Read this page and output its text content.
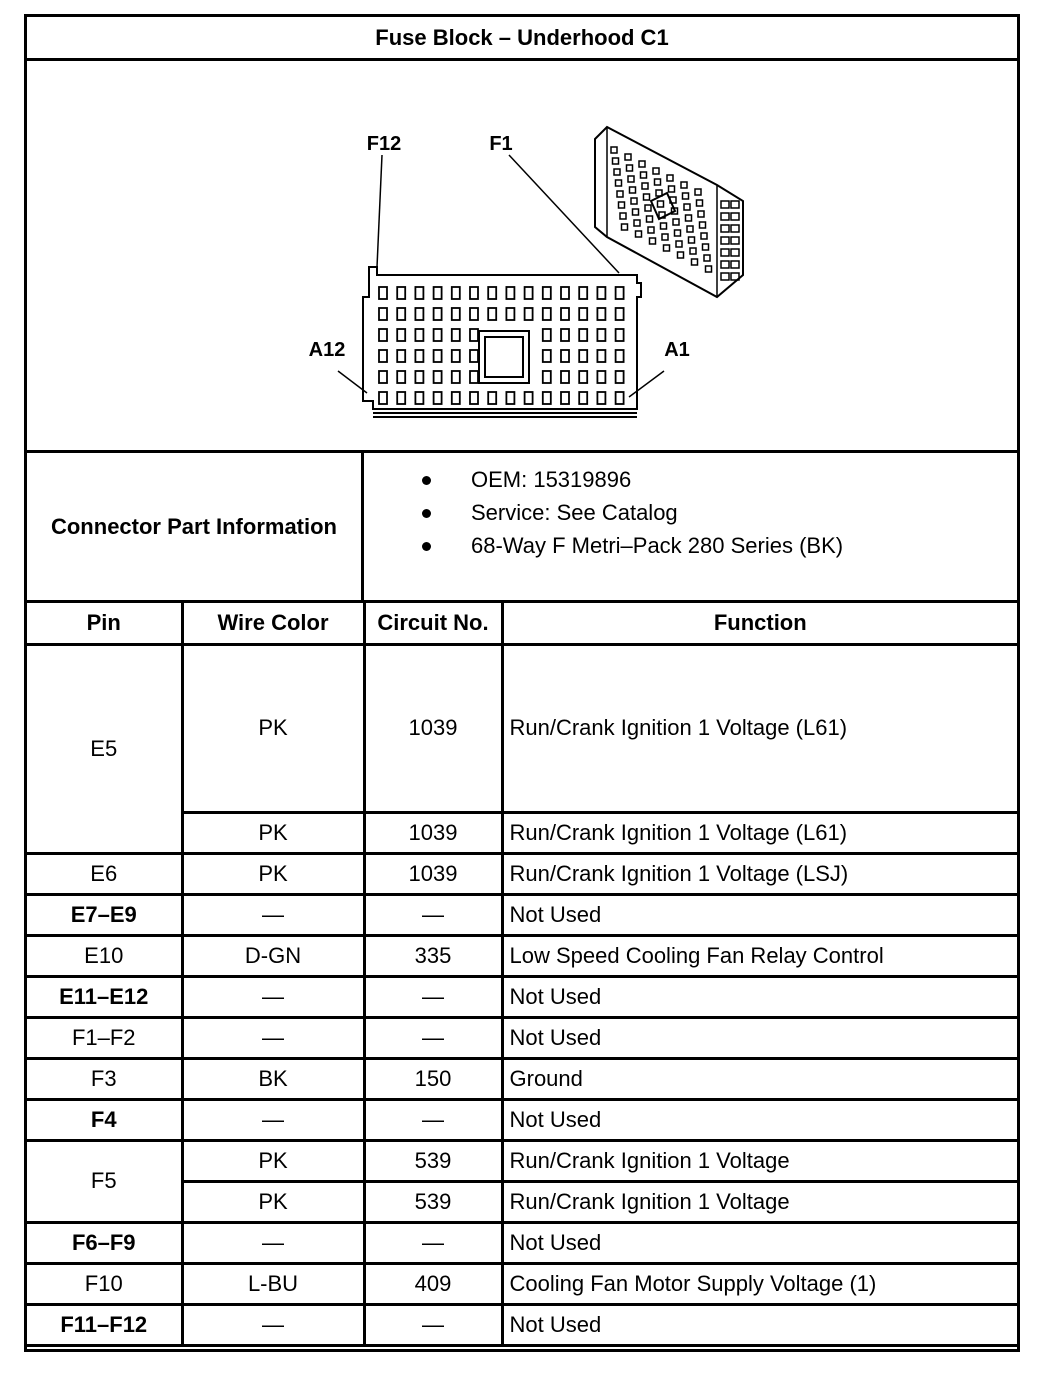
Fuse Block – Underhood C1
F12	F1
A12	A1
Connector Part Information
OEM: 15319896
Service: See Catalog
68-Way F Metri–Pack 280 Series (BK)
Pin	Wire Color	Circuit No.	Function
E5	PK	1039	Run/Crank Ignition 1 Voltage (L61)
	PK	1039	Run/Crank Ignition 1 Voltage (L61)
E6	PK	1039	Run/Crank Ignition 1 Voltage (LSJ)
E7–E9	—	—	Not Used
E10	D-GN	335	Low Speed Cooling Fan Relay Control
E11–E12	—	—	Not Used
F1–F2	—	—	Not Used
F3	BK	150	Ground
F4	—	—	Not Used
F5	PK	539	Run/Crank Ignition 1 Voltage
	PK	539	Run/Crank Ignition 1 Voltage
F6–F9	—	—	Not Used
F10	L-BU	409	Cooling Fan Motor Supply Voltage (1)
F11–F12	—	—	Not Used
